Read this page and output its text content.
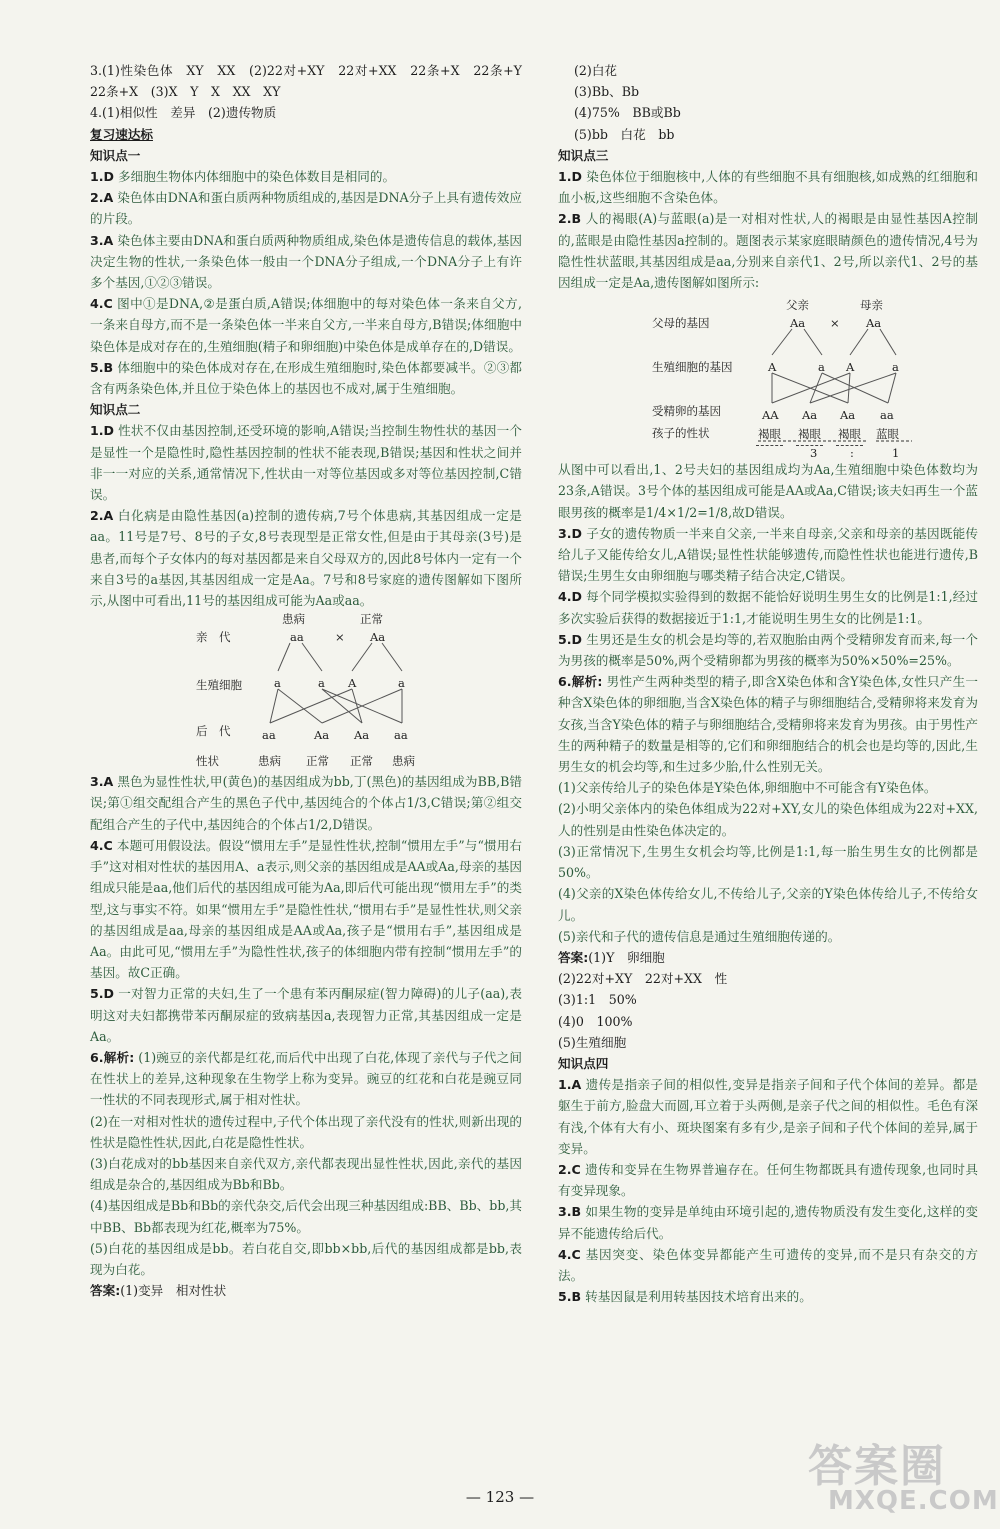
3.(1)性染色体　XY　XX　(2)22对+XY　22对+XX　22条+X　22条+Y　22条+X　(3)X　Y　X　XX　XY

4.(1)相似性　差异　(2)遗传物质

复习速达标

知识点一

1.D 多细胞生物体内体细胞中的染色体数目是相同的。

2.A 染色体由DNA和蛋白质两种物质组成的,基因是DNA分子上具有遗传效应的片段。

3.A 染色体主要由DNA和蛋白质两种物质组成,染色体是遗传信息的载体,基因决定生物的性状,一条染色体一般由一个DNA分子组成,一个DNA分子上有许多个基因,①②③错误。

4.C 图中①是DNA,②是蛋白质,A错误;体细胞中的每对染色体一条来自父方,一条来自母方,而不是一条染色体一半来自父方,一半来自母方,B错误;体细胞中染色体是成对存在的,生殖细胞(精子和卵细胞)中染色体是成单存在的,D错误。

5.B 体细胞中的染色体成对存在,在形成生殖细胞时,染色体都要减半。②③都含有两条染色体,并且位于染色体上的基因也不成对,属于生殖细胞。

知识点二

1.D 性状不仅由基因控制,还受环境的影响,A错误;当控制生物性状的基因一个是显性一个是隐性时,隐性基因控制的性状不能表现,B错误;基因和性状之间并非一一对应的关系,通常情况下,性状由一对等位基因或多对等位基因控制,C错误。

2.A 白化病是由隐性基因(a)控制的遗传病,7号个体患病,其基因组成一定是aa。11号是7号、8号的子女,8号表现型是正常女性,但是由于其母亲(3号)是患者,而每个子女体内的每对基因都是来自父母双方的,因此8号体内一定有一个来自3号的a基因,其基因组成一定是Aa。7号和8号家庭的遗传图解如下图所示,从图中可看出,11号的基因组成可能为Aa或aa。

患病	正常
亲　代	aa	× Aa
生殖细胞	a	a A	a
后　代	aa	Aa Aa aa
性状	患病 正常 正常 患病

3.A 黑色为显性性状,甲(黄色)的基因组成为bb,丁(黑色)的基因组成为BB,B错误;第①组交配组合产生的黑色子代中,基因纯合的个体占1/3,C错误;第②组交配组合产生的子代中,基因纯合的个体占1/2,D错误。

4.C 本题可用假设法。假设“惯用左手”是显性性状,控制“惯用左手”与“惯用右手”这对相对性状的基因用A、a表示,则父亲的基因组成是AA或Aa,母亲的基因组成只能是aa,他们后代的基因组成可能为Aa,即后代可能出现“惯用左手”的类型,这与事实不符。如果“惯用左手”是隐性性状,“惯用右手”是显性性状,则父亲的基因组成是aa,母亲的基因组成是AA或Aa,孩子是“惯用右手”,基因组成是Aa。由此可见,“惯用左手”为隐性性状,孩子的体细胞内带有控制“惯用左手”的基因。故C正确。

5.D 一对智力正常的夫妇,生了一个患有苯丙酮尿症(智力障碍)的儿子(aa),表明这对夫妇都携带苯丙酮尿症的致病基因a,表现智力正常,其基因组成一定是Aa。

6.解析: (1)豌豆的亲代都是红花,而后代中出现了白花,体现了亲代与子代之间在性状上的差异,这种现象在生物学上称为变异。豌豆的红花和白花是豌豆同一性状的不同表现形式,属于相对性状。

(2)在一对相对性状的遗传过程中,子代个体出现了亲代没有的性状,则新出现的性状是隐性性状,因此,白花是隐性性状。

(3)白花成对的bb基因来自亲代双方,亲代都表现出显性性状,因此,亲代的基因组成是杂合的,基因组成为Bb和Bb。

(4)基因组成是Bb和Bb的亲代杂交,后代会出现三种基因组成:BB、Bb、bb,其中BB、Bb都表现为红花,概率为75%。

(5)白花的基因组成是bb。若白花自交,即bb×bb,后代的基因组成都是bb,表现为白花。

答案:(1)变异　相对性状

(2)白花

(3)Bb、Bb

(4)75%　BB或Bb

(5)bb　白花　bb

知识点三

1.D 染色体位于细胞核中,人体的有些细胞不具有细胞核,如成熟的红细胞和血小板,这些细胞不含染色体。

2.B 人的褐眼(A)与蓝眼(a)是一对相对性状,人的褐眼是由显性基因A控制的,蓝眼是由隐性基因a控制的。题图表示某家庭眼睛颜色的遗传情况,4号为隐性性状蓝眼,其基因组成是aa,分别来自亲代1、2号,所以亲代1、2号的基因组成一定是Aa,遗传图解如图所示:

父亲	母亲
父母的基因	Aa × Aa
生殖细胞的基因	A	a A	a
受精卵的基因	AA Aa Aa aa
孩子的性状	褐眼 褐眼 褐眼 蓝眼
3	:	1

从图中可以看出,1、2号夫妇的基因组成均为Aa,生殖细胞中染色体数均为23条,A错误。3号个体的基因组成可能是AA或Aa,C错误;该夫妇再生一个蓝眼男孩的概率是1/4×1/2=1/8,故D错误。

3.D 子女的遗传物质一半来自父亲,一半来自母亲,父亲和母亲的基因既能传给儿子又能传给女儿,A错误;显性性状能够遗传,而隐性性状也能进行遗传,B错误;生男生女由卵细胞与哪类精子结合决定,C错误。

4.D 每个同学模拟实验得到的数据不能恰好说明生男生女的比例是1:1,经过多次实验后获得的数据接近于1:1,才能说明生男生女的比例是1:1。

5.D 生男还是生女的机会是均等的,若双胞胎由两个受精卵发育而来,每一个为男孩的概率是50%,两个受精卵都为男孩的概率为50%×50%=25%。

6.解析: 男性产生两种类型的精子,即含X染色体和含Y染色体,女性只产生一种含X染色体的卵细胞,当含X染色体的精子与卵细胞结合,受精卵将来发育为女孩,当含Y染色体的精子与卵细胞结合,受精卵将来发育为男孩。由于男性产生的两种精子的数量是相等的,它们和卵细胞结合的机会也是均等的,因此,生男生女的机会均等,和生过多少胎,什么性别无关。

(1)父亲传给儿子的染色体是Y染色体,卵细胞中不可能含有Y染色体。

(2)小明父亲体内的染色体组成为22对+XY,女儿的染色体组成为22对+XX,人的性别是由性染色体决定的。

(3)正常情况下,生男生女机会均等,比例是1:1,每一胎生男生女的比例都是50%。

(4)父亲的X染色体传给女儿,不传给儿子,父亲的Y染色体传给儿子,不传给女儿。

(5)亲代和子代的遗传信息是通过生殖细胞传递的。

答案:(1)Y　卵细胞

(2)22对+XY　22对+XX　性

(3)1:1　50%

(4)0　100%

(5)生殖细胞

知识点四

1.A 遗传是指亲子间的相似性,变异是指亲子间和子代个体间的差异。都是躯生于前方,脸盘大而圆,耳立着于头两侧,是亲子代之间的相似性。毛色有深有浅,个体有大有小、斑块图案有多有少,是亲子间和子代个体间的差异,属于变异。

2.C 遗传和变异在生物界普遍存在。任何生物都既具有遗传现象,也同时具有变异现象。

3.B 如果生物的变异是单纯由环境引起的,遗传物质没有发生变化,这样的变异不能遗传给后代。

4.C 基因突变、染色体变异都能产生可遗传的变异,而不是只有杂交的方法。

5.B 转基因鼠是利用转基因技术培育出来的。

— 123 —
答案圈
MXQE.COM
